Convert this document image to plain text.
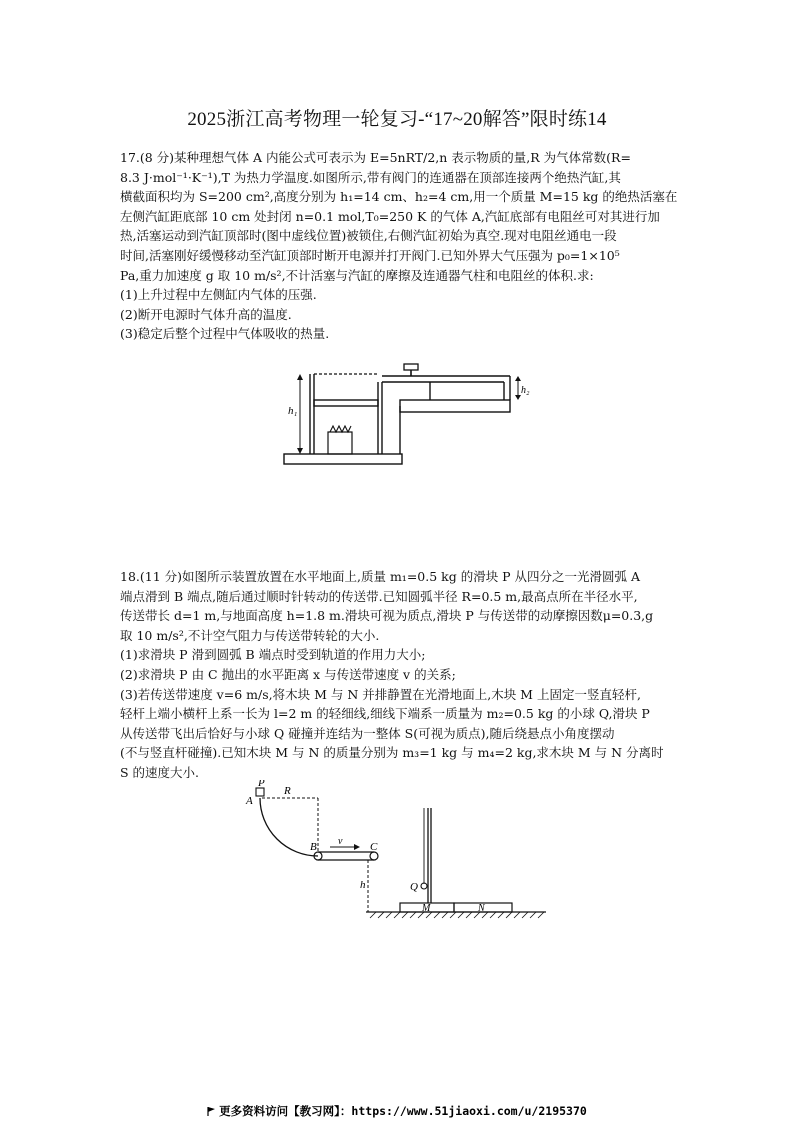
2025浙江高考物理一轮复习-“17~20解答”限时练14
17.(8 分)某种理想气体 A 内能公式可表示为 E=5nRT/2,n 表示物质的量,R 为气体常数(R=
8.3 J·mol⁻¹·K⁻¹),T 为热力学温度.如图所示,带有阀门的连通器在顶部连接两个绝热汽缸,其
横截面积均为 S=200 cm²,高度分别为 h₁=14 cm、h₂=4 cm,用一个质量 M=15 kg 的绝热活塞在
左侧汽缸距底部 10 cm 处封闭 n=0.1 mol,T₀=250 K 的气体 A,汽缸底部有电阻丝可对其进行加
热,活塞运动到汽缸顶部时(图中虚线位置)被锁住,右侧汽缸初始为真空.现对电阻丝通电一段
时间,活塞刚好缓慢移动至汽缸顶部时断开电源并打开阀门.已知外界大气压强为 p₀=1×10⁵
Pa,重力加速度 g 取 10 m/s²,不计活塞与汽缸的摩擦及连通器气柱和电阻丝的体积.求:
(1)上升过程中左侧缸内气体的压强.
(2)断开电源时气体升高的温度.
(3)稳定后整个过程中气体吸收的热量.
h₁
h₂
18.(11 分)如图所示装置放置在水平地面上,质量 m₁=0.5 kg 的滑块 P 从四分之一光滑圆弧 A
端点滑到 B 端点,随后通过顺时针转动的传送带.已知圆弧半径 R=0.5 m,最高点所在半径水平,
传送带长 d=1 m,与地面高度 h=1.8 m.滑块可视为质点,滑块 P 与传送带的动摩擦因数μ=0.3,g
取 10 m/s²,不计空气阻力与传送带转轮的大小.
(1)求滑块 P 滑到圆弧 B 端点时受到轨道的作用力大小;
(2)求滑块 P 由 C 抛出的水平距离 x 与传送带速度 v 的关系;
(3)若传送带速度 v=6 m/s,将木块 M 与 N 并排静置在光滑地面上,木块 M 上固定一竖直轻杆,
轻杆上端小横杆上系一长为 l=2 m 的轻细线,细线下端系一质量为 m₂=0.5 kg 的小球 Q,滑块 P
从传送带飞出后恰好与小球 Q 碰撞并连结为一整体 S(可视为质点),随后绕悬点小角度摆动
(不与竖直杆碰撞).已知木块 M 与 N 的质量分别为 m₃=1 kg 与 m₄=2 kg,求木块 M 与 N 分离时
S 的速度大小.
A
P
R
B	C
v
h
M	N
Q
更多资料访问【教习网】：https://www.51jiaoxi.com/u/2195370
